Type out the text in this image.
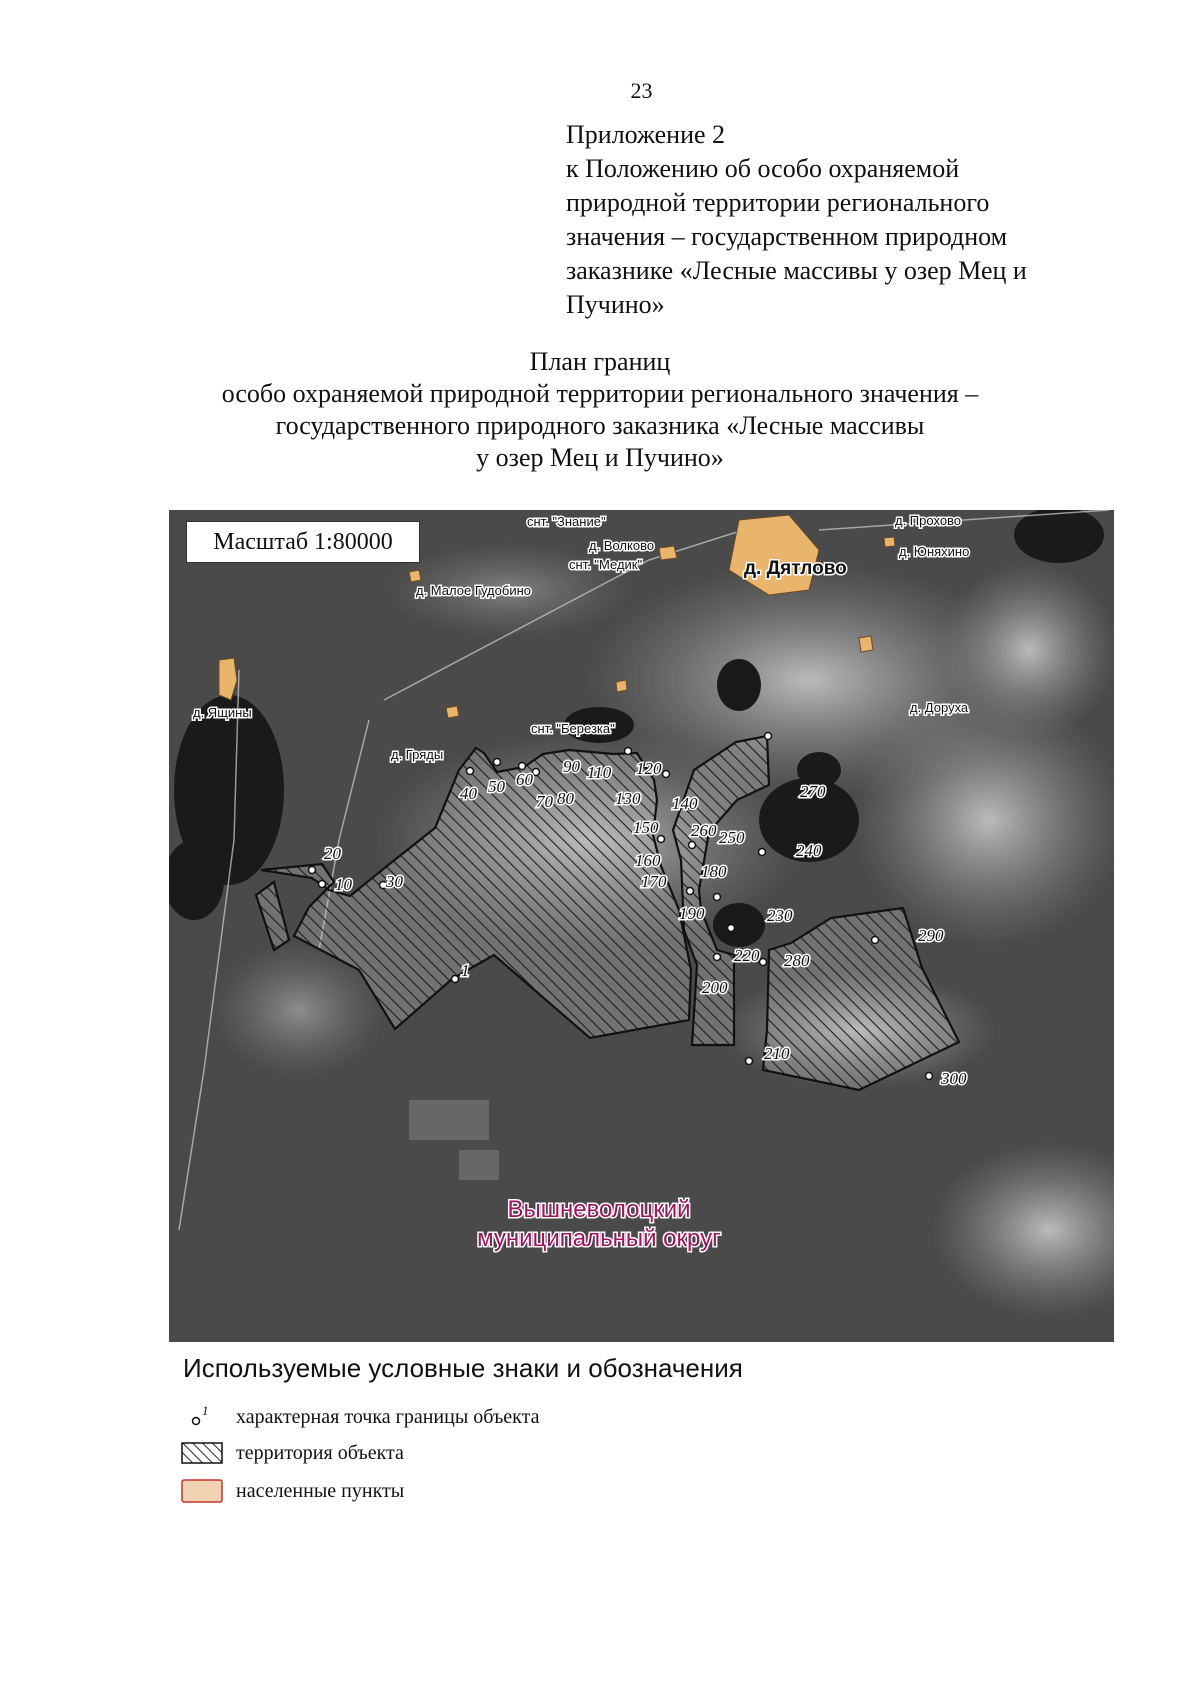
23
Приложение 2
к Положению об особо охраняемой
природной территории регионального
значения – государственном природном
заказнике «Лесные массивы у озер Мец и
Пучино»
План границ
особо охраняемой природной территории регионального значения –
государственного природного заказника «Лесные массивы
у озер Мец и Пучино»
1
10
20
30
40 50 60
70 80
90 110 120
130 140
150
160
170
180
190
200
210
220
230
240
250
260
270
280
290
300
снт. "Знание"
д. Волково
снт. "Медик"	д. Дятлово
д. Прохово
д. Юняхино
д. Малое Гудобино
д. Ящины
снт. "Березка"
д. Доруха
д. Гряды
Вышневолоцкий
муниципальный округ
Масштаб 1:80000
Используемые условные знаки и обозначения
1 характерная точка границы объекта
территория объекта
населенные пункты
